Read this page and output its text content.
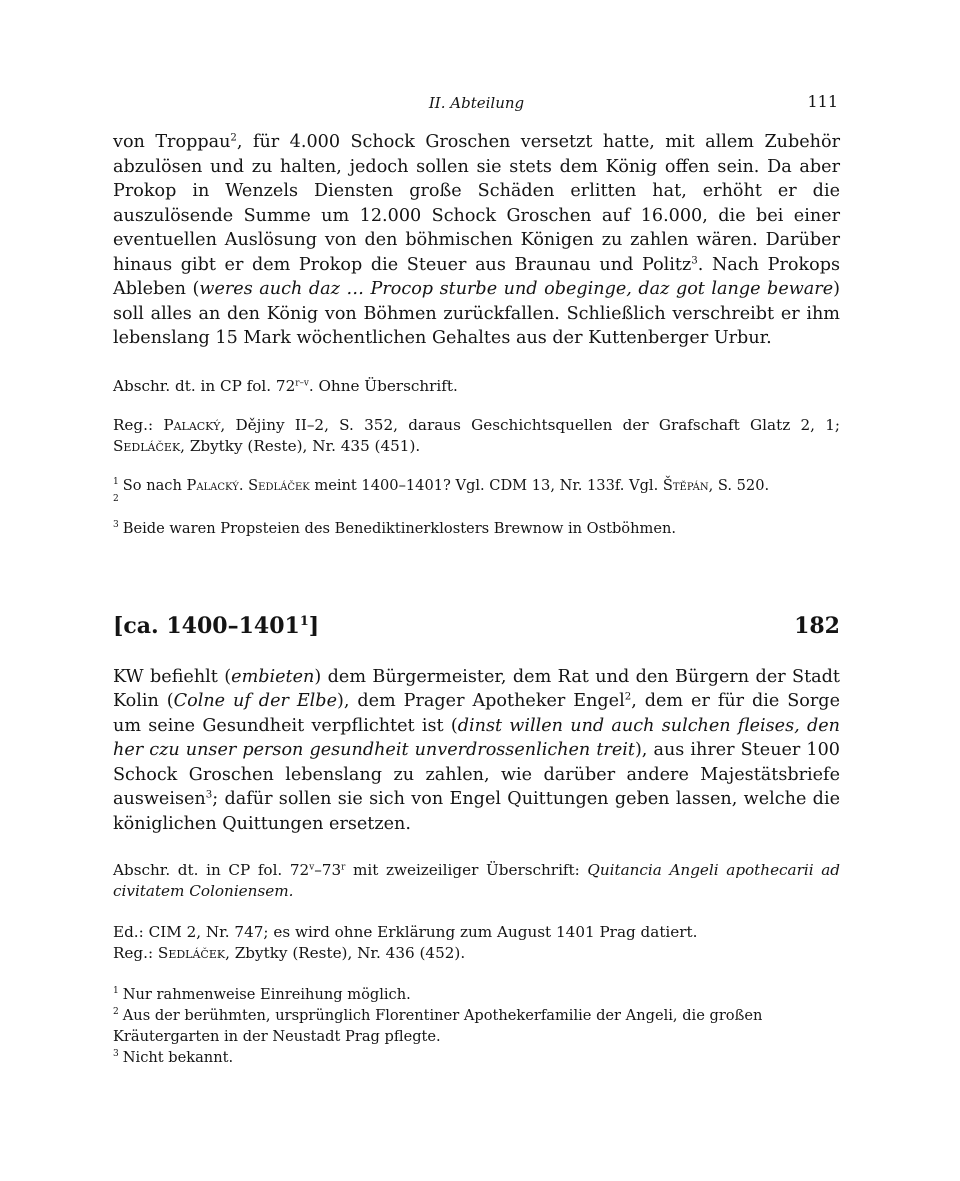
II. Abteilung	111

von Troppau$^2$, für 4.000 Schock Groschen versetzt hatte, mit allem Zubehör abzulösen und zu halten, jedoch sollen sie stets dem König offen sein. Da aber Prokop in Wenzels Diensten große Schäden erlitten hat, erhöht er die auszulösende Summe um 12.000 Schock Groschen auf 16.000, die bei einer eventuellen Auslösung von den böhmischen Königen zu zahlen wären. Darüber hinaus gibt er dem Prokop die Steuer aus Braunau und Politz$^3$. Nach Prokops Ableben (weres auch daz … Procop sturbe und obeginge, daz got lange beware) soll alles an den König von Böhmen zurückfallen. Schließlich verschreibt er ihm lebenslang 15 Mark wöchentlichen Gehaltes aus der Kuttenberger Urbur.

Abschr. dt. in CP fol. 72$^{r-v}$. Ohne Überschrift.

Reg.: Palacký, Dějiny II–2, S. 352, daraus Geschichtsquellen der Grafschaft Glatz 2, 1; Sedláček, Zbytky (Reste), Nr. 435 (451).

$^1$ So nach Palacký. Sedláček meint 1400–1401? Vgl. CDM 13, Nr. 133f. Vgl. Štěpán, S. 520.

$^2$

$^3$ Beide waren Propsteien des Benediktinerklosters Brewnow in Ostböhmen.

[ca. 1400–1401$^1$]	182

KW befiehlt (embieten) dem Bürgermeister, dem Rat und den Bürgern der Stadt Kolin (Colne uf der Elbe), dem Prager Apotheker Engel$^2$, dem er für die Sorge um seine Gesundheit verpflichtet ist (dinst willen und auch sulchen fleises, den her czu unser person gesundheit unverdrossenlichen treit), aus ihrer Steuer 100 Schock Groschen lebenslang zu zahlen, wie darüber andere Majestätsbriefe ausweisen$^3$; dafür sollen sie sich von Engel Quittungen geben lassen, welche die königlichen Quittungen ersetzen.

Abschr. dt. in CP fol. 72$^v$–73$^r$ mit zweizeiliger Überschrift: Quitancia Angeli apothecarii ad civitatem Coloniensem.

Ed.: CIM 2, Nr. 747; es wird ohne Erklärung zum August 1401 Prag datiert.

Reg.: Sedláček, Zbytky (Reste), Nr. 436 (452).

$^1$ Nur rahmenweise Einreihung möglich.

$^2$ Aus der berühmten, ursprünglich Florentiner Apothekerfamilie der Angeli, die großen Kräutergarten in der Neustadt Prag pflegte.

$^3$ Nicht bekannt.
